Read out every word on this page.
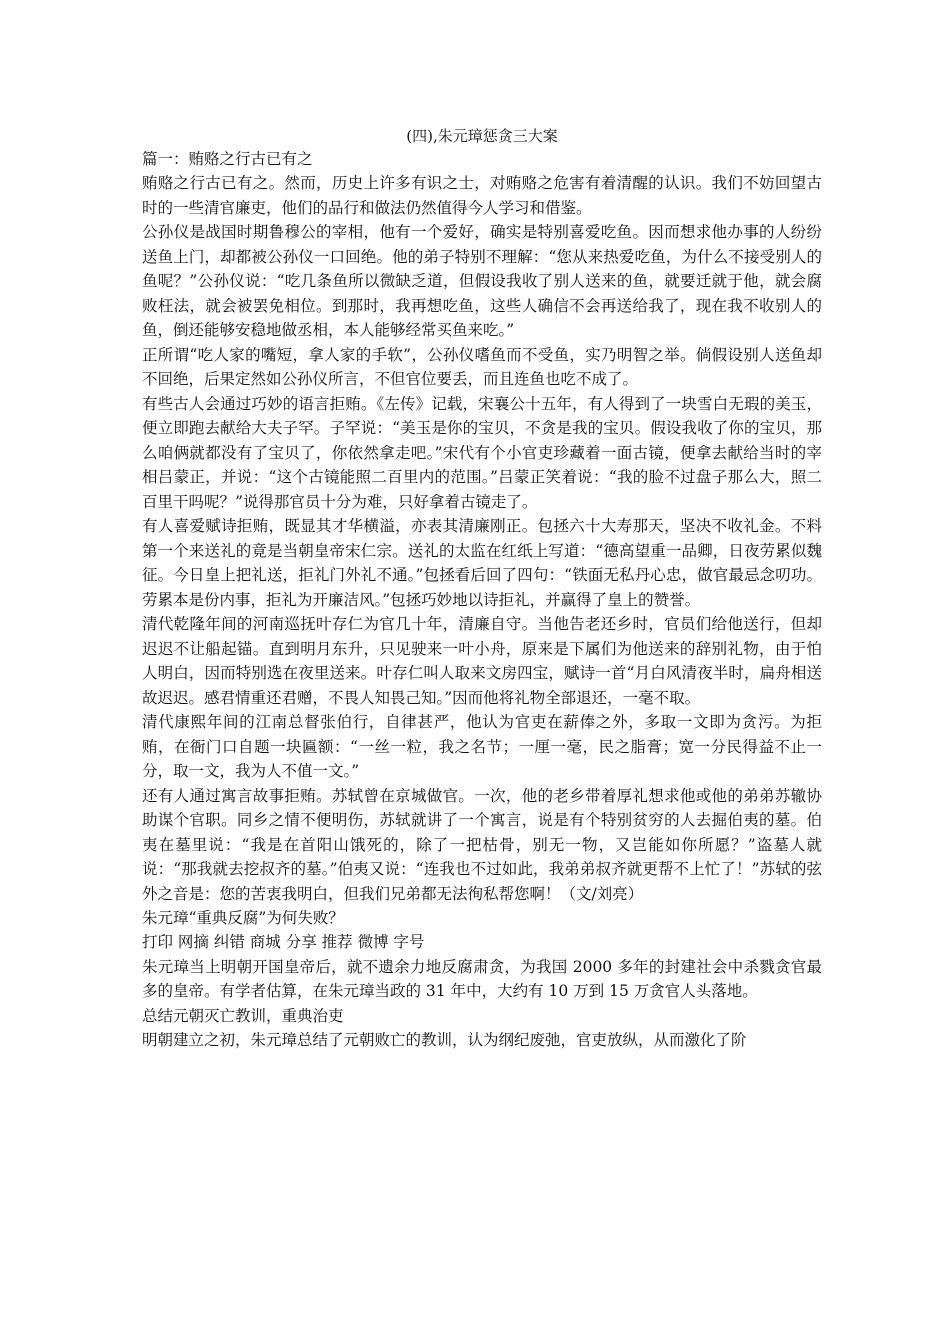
(四),朱元璋惩贪三大案

篇一：贿赂之行古已有之

贿赂之行古已有之。然而，历史上许多有识之士，对贿赂之危害有着清醒的认识。我们不妨回望古时的一些清官廉吏，他们的品行和做法仍然值得今人学习和借鉴。

公孙仪是战国时期鲁穆公的宰相，他有一个爱好，确实是特别喜爱吃鱼。因而想求他办事的人纷纷送鱼上门，却都被公孙仪一口回绝。他的弟子特别不理解：“您从来热爱吃鱼，为什么不接受别人的鱼呢？”公孙仪说：“吃几条鱼所以微缺乏道，但假设我收了别人送来的鱼，就要迁就于他，就会腐败枉法，就会被罢免相位。到那时，我再想吃鱼，这些人确信不会再送给我了，现在我不收别人的鱼，倒还能够安稳地做丞相，本人能够经常买鱼来吃。”

正所谓“吃人家的嘴短，拿人家的手软”，公孙仪嗜鱼而不受鱼，实乃明智之举。倘假设别人送鱼却不回绝，后果定然如公孙仪所言，不但官位要丢，而且连鱼也吃不成了。

有些古人会通过巧妙的语言拒贿。《左传》记载，宋襄公十五年，有人得到了一块雪白无瑕的美玉，便立即跑去献给大夫子罕。子罕说：“美玉是你的宝贝，不贪是我的宝贝。假设我收了你的宝贝，那么咱俩就都没有了宝贝了，你依然拿走吧。”宋代有个小官吏珍藏着一面古镜，便拿去献给当时的宰相吕蒙正，并说：“这个古镜能照二百里内的范围。”吕蒙正笑着说：“我的脸不过盘子那么大，照二百里干吗呢？”说得那官员十分为难，只好拿着古镜走了。

有人喜爱赋诗拒贿，既显其才华横溢，亦表其清廉刚正。包拯六十大寿那天，坚决不收礼金。不料第一个来送礼的竟是当朝皇帝宋仁宗。送礼的太监在红纸上写道：“德高望重一品卿，日夜劳累似魏征。今日皇上把礼送，拒礼门外礼不通。”包拯看后回了四句：“铁面无私丹心忠，做官最忌念叨功。劳累本是份内事，拒礼为开廉洁风。”包拯巧妙地以诗拒礼，并赢得了皇上的赞誉。

清代乾隆年间的河南巡抚叶存仁为官几十年，清廉自守。当他告老还乡时，官员们给他送行，但却迟迟不让船起锚。直到明月东升，只见驶来一叶小舟，原来是下属们为他送来的辞别礼物，由于怕人明白，因而特别选在夜里送来。叶存仁叫人取来文房四宝，赋诗一首“月白风清夜半时，扁舟相送故迟迟。感君情重还君赠，不畏人知畏己知。”因而他将礼物全部退还，一毫不取。

清代康熙年间的江南总督张伯行，自律甚严，他认为官吏在薪俸之外，多取一文即为贪污。为拒贿，在衙门口自题一块匾额：“一丝一粒，我之名节；一厘一毫，民之脂膏；宽一分民得益不止一分，取一文，我为人不值一文。”

还有人通过寓言故事拒贿。苏轼曾在京城做官。一次，他的老乡带着厚礼想求他或他的弟弟苏辙协助谋个官职。同乡之情不便明伤，苏轼就讲了一个寓言，说是有个特别贫穷的人去掘伯夷的墓。伯夷在墓里说：“我是在首阳山饿死的，除了一把枯骨，别无一物，又岂能如你所愿？”盗墓人就说：“那我就去挖叔齐的墓。”伯夷又说：“连我也不过如此，我弟弟叔齐就更帮不上忙了！”苏轼的弦外之音是：您的苦衷我明白，但我们兄弟都无法徇私帮您啊！（文/刘亮）

朱元璋“重典反腐”为何失败？

打印 网摘 纠错 商城 分享 推荐 微博 字号

朱元璋当上明朝开国皇帝后，就不遗余力地反腐肃贪，为我国 2000 多年的封建社会中杀戮贪官最多的皇帝。有学者估算，在朱元璋当政的 31 年中，大约有 10 万到 15 万贪官人头落地。

总结元朝灭亡教训，重典治吏

明朝建立之初，朱元璋总结了元朝败亡的教训，认为纲纪废弛，官吏放纵，从而激化了阶
